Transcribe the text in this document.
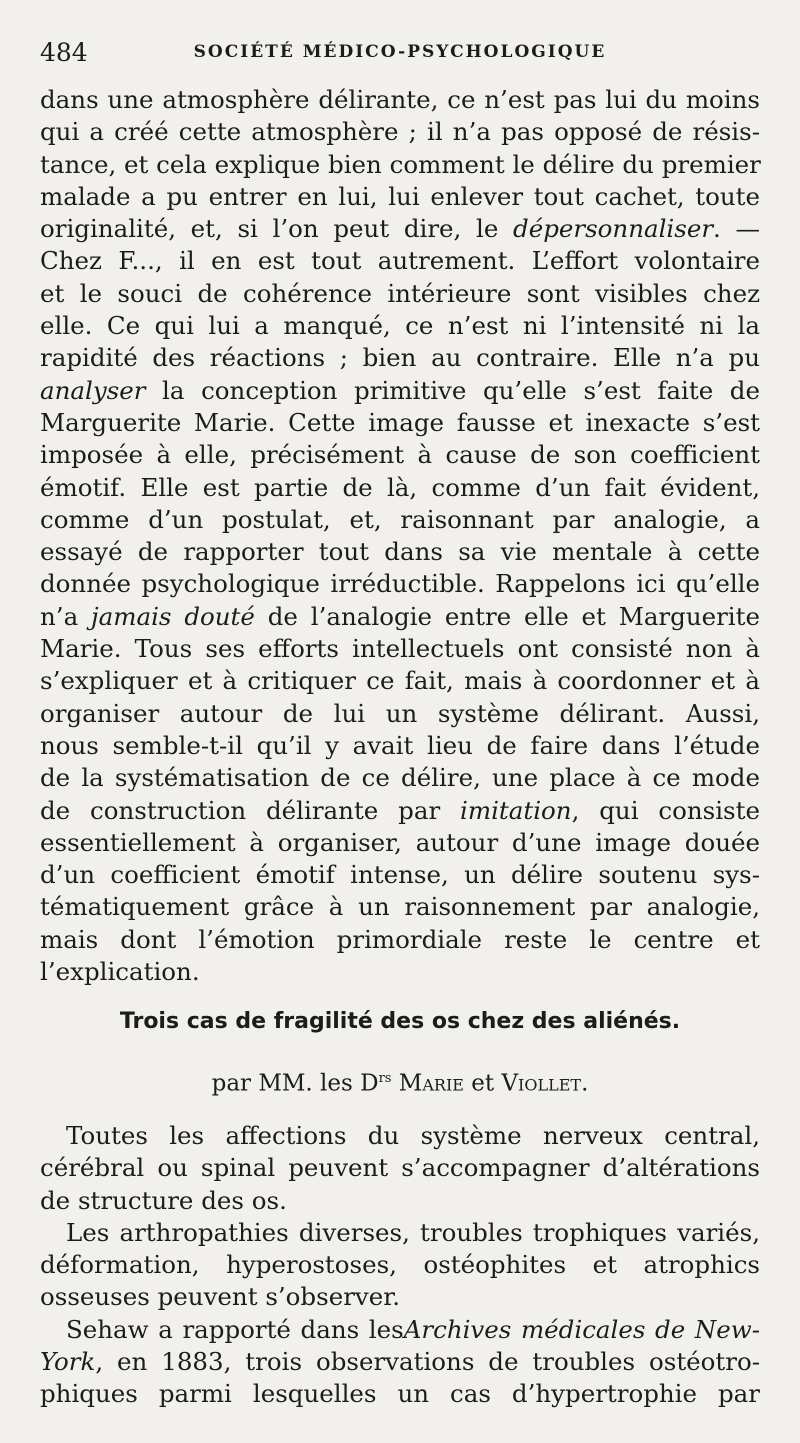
484	SOCIÉTÉ MÉDICO-PSYCHOLOGIQUE
dans une atmosphère délirante, ce n’est pas lui du moins
qui a créé cette atmosphère ; il n’a pas opposé de résis-
tance, et cela explique bien comment le délire du premier
malade a pu entrer en lui, lui enlever tout cachet, toute
originalité, et, si l’on peut dire, le dépersonnaliser. —
Chez F..., il en est tout autrement. L’effort volontaire
et le souci de cohérence intérieure sont visibles chez
elle. Ce qui lui a manqué, ce n’est ni l’intensité ni la
rapidité des réactions ; bien au contraire. Elle n’a pu
analyser la conception primitive qu’elle s’est faite de
Marguerite Marie. Cette image fausse et inexacte s’est
imposée à elle, précisément à cause de son coefficient
émotif. Elle est partie de là, comme d’un fait évident,
comme d’un postulat, et, raisonnant par analogie, a
essayé de rapporter tout dans sa vie mentale à cette
donnée psychologique irréductible. Rappelons ici qu’elle
n’a jamais douté de l’analogie entre elle et Marguerite
Marie. Tous ses efforts intellectuels ont consisté non à
s’expliquer et à critiquer ce fait, mais à coordonner et à
organiser autour de lui un système délirant. Aussi,
nous semble-t-il qu’il y avait lieu de faire dans l’étude
de la systématisation de ce délire, une place à ce mode
de construction délirante par imitation, qui consiste
essentiellement à organiser, autour d’une image douée
d’un coefficient émotif intense, un délire soutenu sys-
tématiquement grâce à un raisonnement par analogie,
mais dont l’émotion primordiale reste le centre et
l’explication.
Trois cas de fragilité des os chez des aliénés.
par MM. les $D^{rs}$ Marie et Viollet.
Toutes les affections du système nerveux central,
cérébral ou spinal peuvent s’accompagner d’altérations
de structure des os.
Les arthropathies diverses, troubles trophiques variés,
déformation, hyperostoses, ostéophites et atrophics
osseuses peuvent s’observer.
Sehaw a rapporté dans lesArchives médicales de New-
York, en 1883, trois observations de troubles ostéotro-
phiques parmi lesquelles un cas d’hypertrophie par
